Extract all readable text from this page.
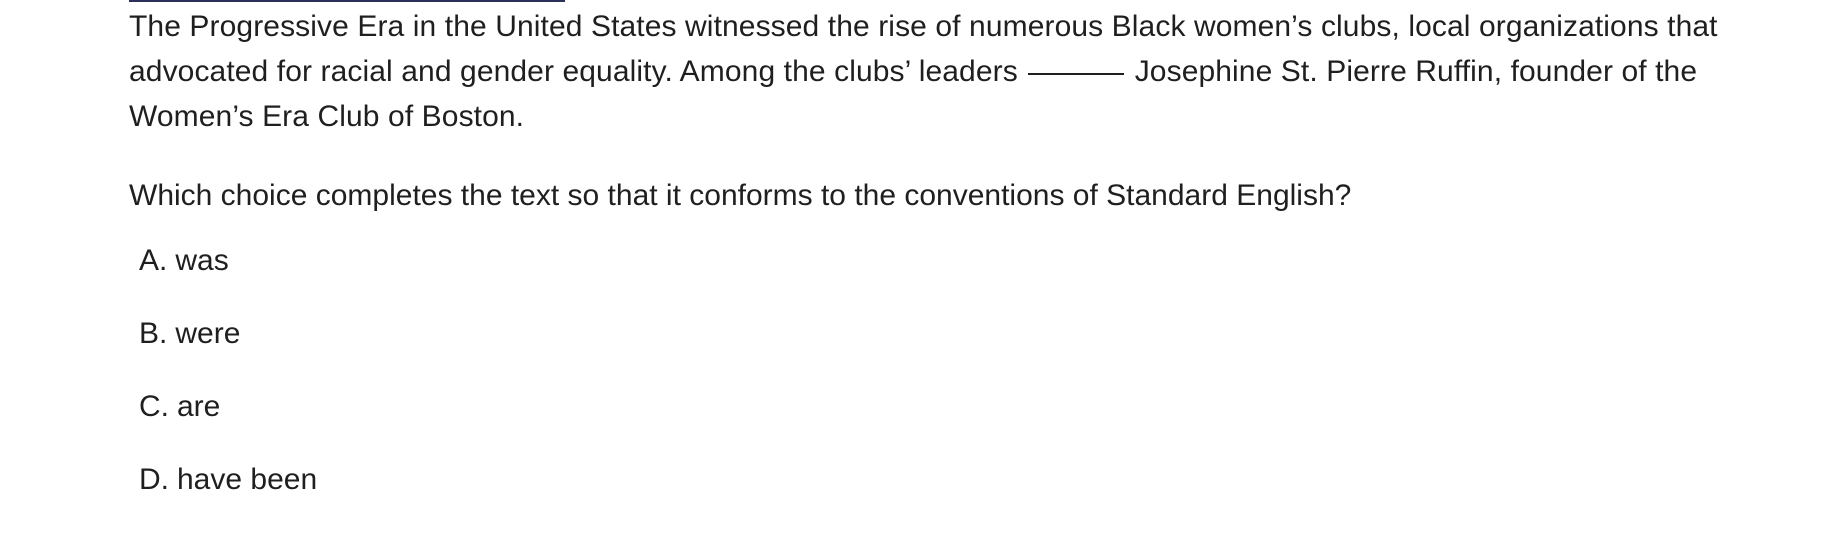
The Progressive Era in the United States witnessed the rise of numerous Black women’s clubs, local organizations that advocated for racial and gender equality. Among the clubs’ leaders	Josephine St. Pierre Ruffin, founder of the Women’s Era Club of Boston.

Which choice completes the text so that it conforms to the conventions of Standard English?

A. was
B. were
C. are
D. have been
